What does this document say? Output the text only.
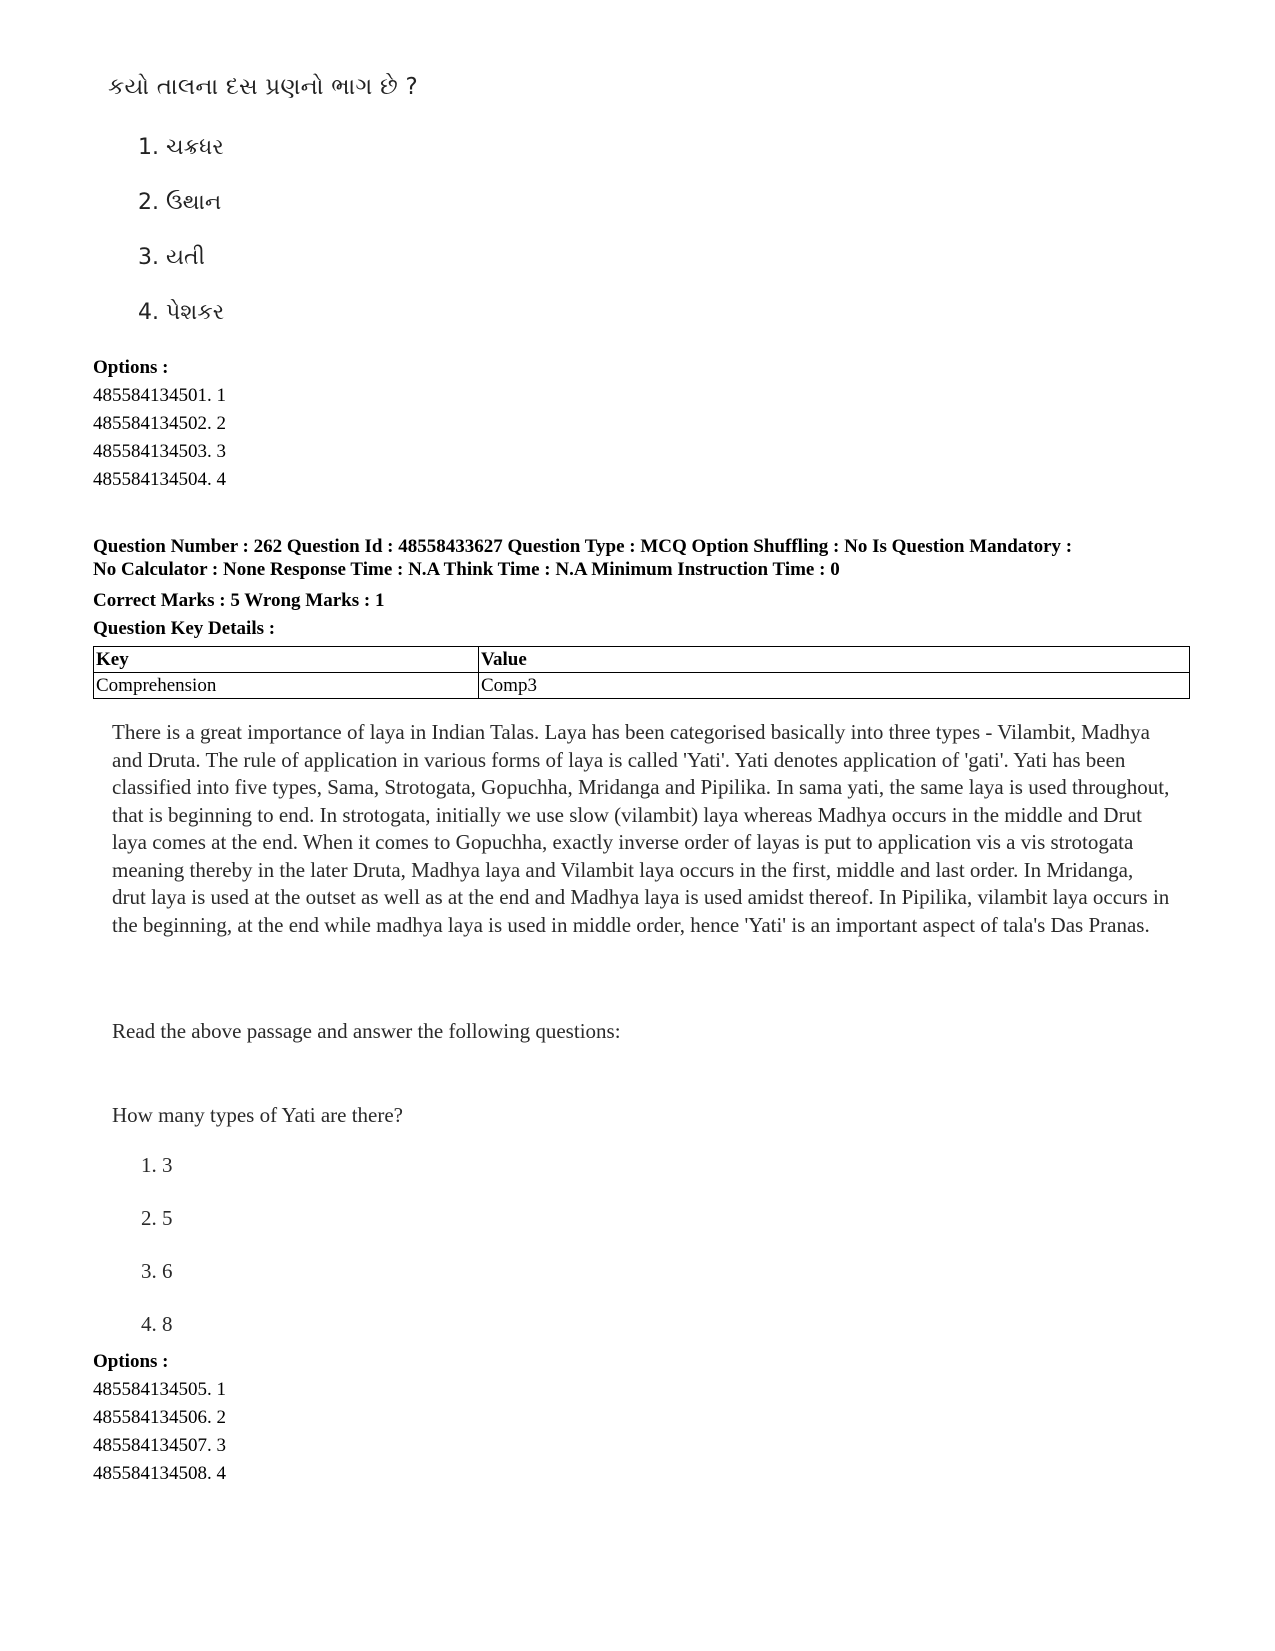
કયો તાલના દસ પ્રણનો ભાગ છે ?
1. ચક્રધર
2. ઉથાન
3. યતી
4. પેશકર
Options :
485584134501. 1
485584134502. 2
485584134503. 3
485584134504. 4
Question Number : 262 Question Id : 48558433627 Question Type : MCQ Option Shuffling : No Is Question Mandatory :
No Calculator : None Response Time : N.A Think Time : N.A Minimum Instruction Time : 0
Correct Marks : 5 Wrong Marks : 1
Question Key Details :
Key	Value
Comprehension	Comp3
There is a great importance of laya in Indian Talas. Laya has been categorised basically into three types - Vilambit, Madhya and Druta. The rule of application in various forms of laya is called 'Yati'. Yati denotes application of 'gati'. Yati has been classified into five types, Sama, Strotogata, Gopuchha, Mridanga and Pipilika. In sama yati, the same laya is used throughout, that is beginning to end. In strotogata, initially we use slow (vilambit) laya whereas Madhya occurs in the middle and Drut laya comes at the end. When it comes to Gopuchha, exactly inverse order of layas is put to application vis a vis strotogata meaning thereby in the later Druta, Madhya laya and Vilambit laya occurs in the first, middle and last order. In Mridanga, drut laya is used at the outset as well as at the end and Madhya laya is used amidst thereof. In Pipilika, vilambit laya occurs in the beginning, at the end while madhya laya is used in middle order, hence 'Yati' is an important aspect of tala's Das Pranas.
Read the above passage and answer the following questions:
How many types of Yati are there?
1. 3
2. 5
3. 6
4. 8
Options :
485584134505. 1
485584134506. 2
485584134507. 3
485584134508. 4
